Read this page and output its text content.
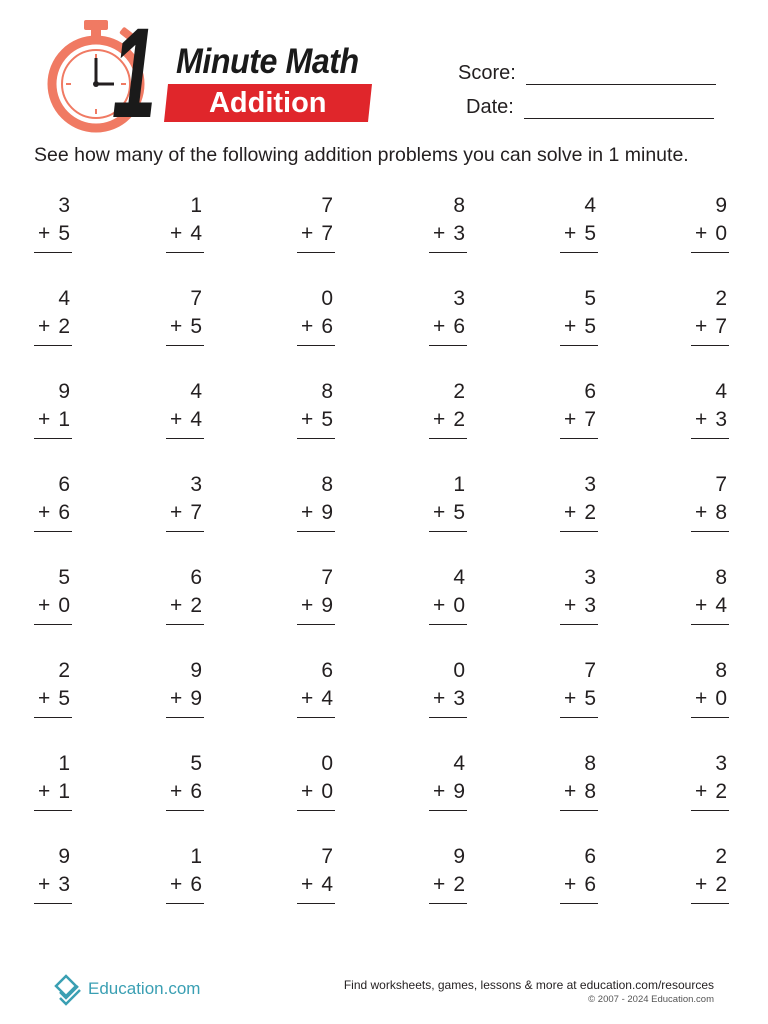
1 Minute Math
Addition
Score:
Date:
See how many of the following addition problems you can solve in 1 minute.
3
+ 5
1
+ 4
7
+ 7
8
+ 3
4
+ 5
9
+ 0
4
+ 2
7
+ 5
0
+ 6
3
+ 6
5
+ 5
2
+ 7
9
+ 1
4
+ 4
8
+ 5
2
+ 2
6
+ 7
4
+ 3
6
+ 6
3
+ 7
8
+ 9
1
+ 5
3
+ 2
7
+ 8
5
+ 0
6
+ 2
7
+ 9
4
+ 0
3
+ 3
8
+ 4
2
+ 5
9
+ 9
6
+ 4
0
+ 3
7
+ 5
8
+ 0
1
+ 1
5
+ 6
0
+ 0
4
+ 9
8
+ 8
3
+ 2
9
+ 3
1
+ 6
7
+ 4
9
+ 2
6
+ 6
2
+ 2
Education.com	Find worksheets, games, lessons & more at education.com/resources
© 2007 - 2024 Education.com
